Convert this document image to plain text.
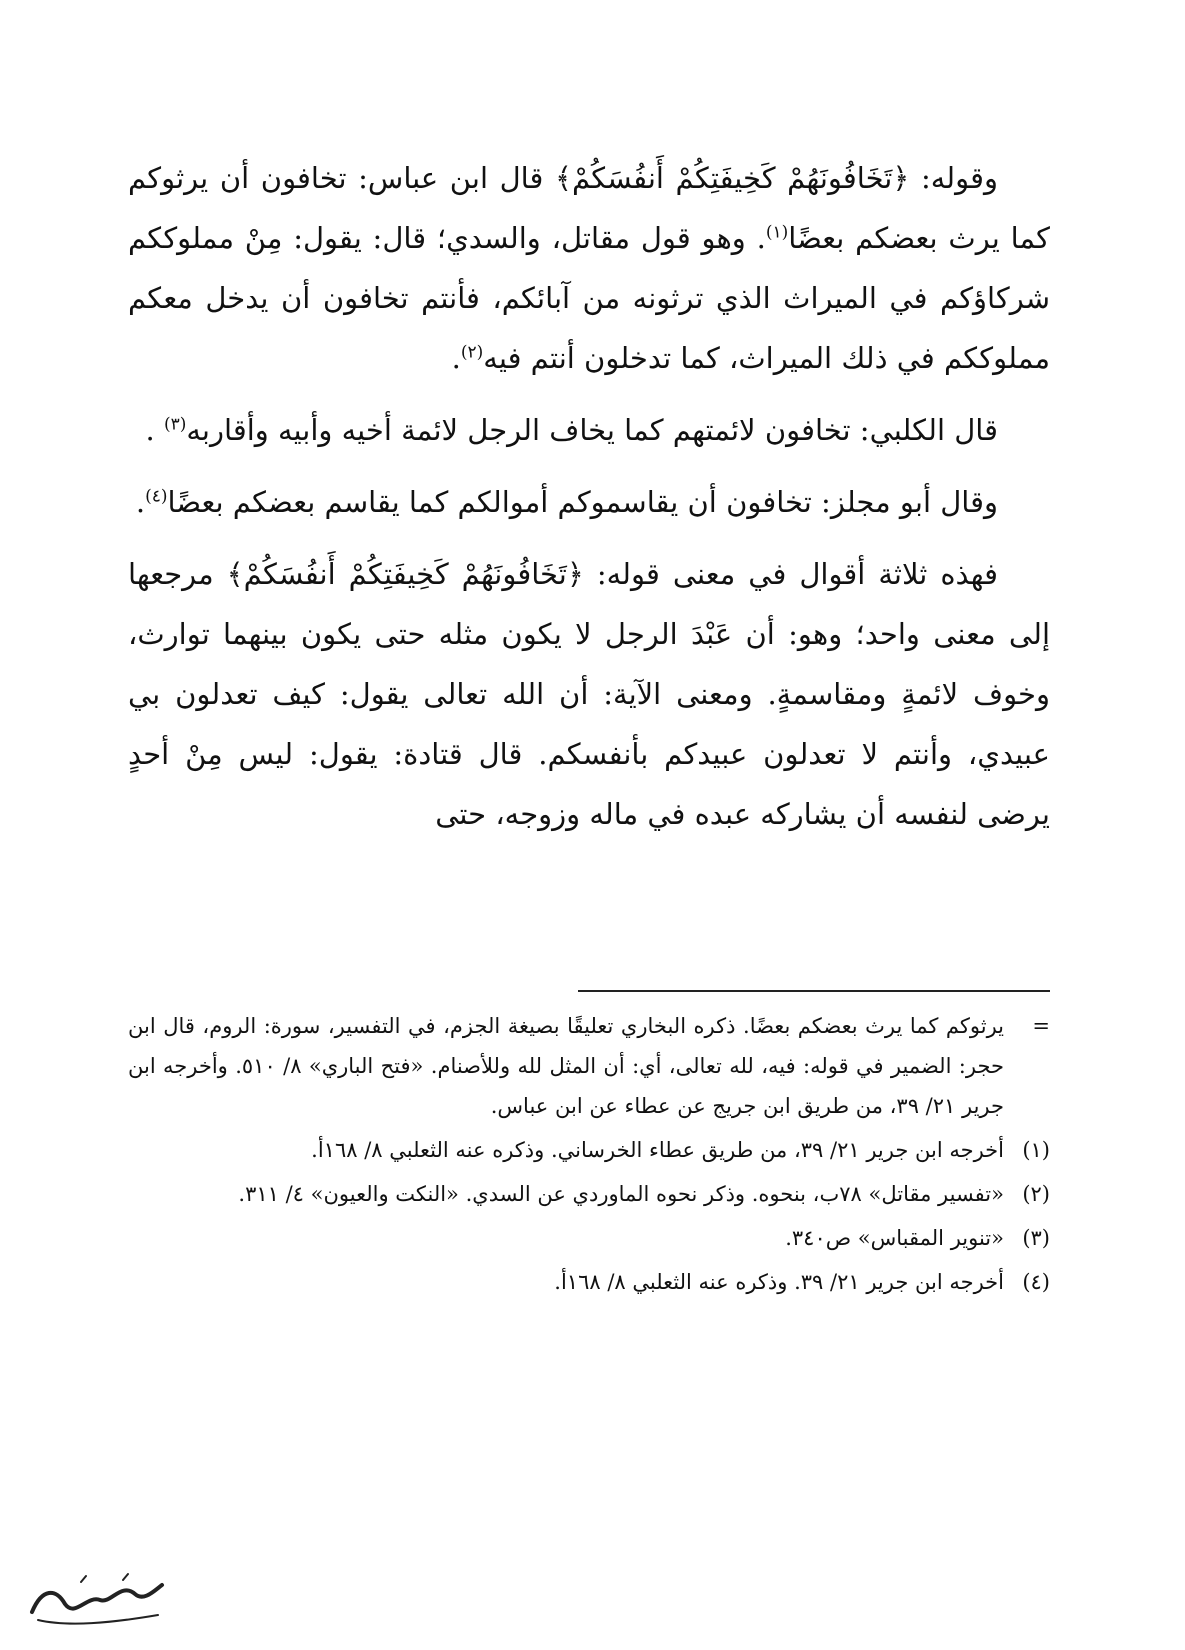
وقوله: ﴿تَخَافُونَهُمْ كَخِيفَتِكُمْ أَنفُسَكُمْ﴾ قال ابن عباس: تخافون أن يرثوكم كما يرث بعضكم بعضًا$^{(١)}$. وهو قول مقاتل، والسدي؛ قال: يقول: مِنْ مملوككم شركاؤكم في الميراث الذي ترثونه من آبائكم، فأنتم تخافون أن يدخل معكم مملوككم في ذلك الميراث، كما تدخلون أنتم فيه$^{(٢)}$.

قال الكلبي: تخافون لائمتهم كما يخاف الرجل لائمة أخيه وأبيه وأقاربه$^{(٣)}$ .

وقال أبو مجلز: تخافون أن يقاسموكم أموالكم كما يقاسم بعضكم بعضًا$^{(٤)}$.

فهذه ثلاثة أقوال في معنى قوله: ﴿تَخَافُونَهُمْ كَخِيفَتِكُمْ أَنفُسَكُمْ﴾ مرجعها إلى معنى واحد؛ وهو: أن عَبْدَ الرجل لا يكون مثله حتى يكون بينهما توارث، وخوف لائمةٍ ومقاسمةٍ. ومعنى الآية: أن الله تعالى يقول: كيف تعدلون بي عبيدي، وأنتم لا تعدلون عبيدكم بأنفسكم. قال قتادة: يقول: ليس مِنْ أحدٍ يرضى لنفسه أن يشاركه عبده في ماله وزوجه، حتى

=
يرثوكم كما يرث بعضكم بعضًا. ذكره البخاري تعليقًا بصيغة الجزم، في التفسير، سورة: الروم، قال ابن حجر: الضمير في قوله: فيه، لله تعالى، أي: أن المثل لله وللأصنام. «فتح الباري» ٨/ ٥١٠. وأخرجه ابن جرير ٢١/ ٣٩، من طريق ابن جريج عن عطاء عن ابن عباس.
(١)
أخرجه ابن جرير ٢١/ ٣٩، من طريق عطاء الخرساني. وذكره عنه الثعلبي ٨/ ١٦٨أ.
(٢)
«تفسير مقاتل» ٧٨ب، بنحوه. وذكر نحوه الماوردي عن السدي. «النكت والعيون» ٤/ ٣١١.
(٣)
«تنوير المقباس» ص٣٤٠.
(٤)
أخرجه ابن جرير ٢١/ ٣٩. وذكره عنه الثعلبي ٨/ ١٦٨أ.
